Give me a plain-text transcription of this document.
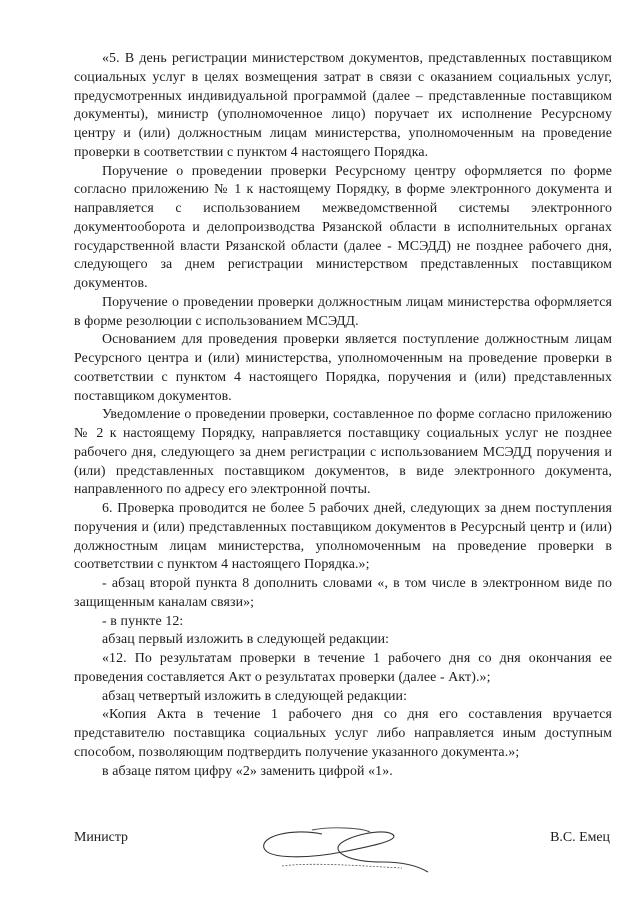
«5. В день регистрации министерством документов, представленных поставщиком социальных услуг в целях возмещения затрат в связи с оказанием социальных услуг, предусмотренных индивидуальной программой (далее – представленные поставщиком документы), министр (уполномоченное лицо) поручает их исполнение Ресурсному центру и (или) должностным лицам министерства, уполномоченным на проведение проверки в соответствии с пунктом 4 настоящего Порядка.

Поручение о проведении проверки Ресурсному центру оформляется по форме согласно приложению № 1 к настоящему Порядку, в форме электронного документа и направляется с использованием межведомственной системы электронного документооборота и делопроизводства Рязанской области в исполнительных органах государственной власти Рязанской области (далее - МСЭДД) не позднее рабочего дня, следующего за днем регистрации министерством представленных поставщиком документов.

Поручение о проведении проверки должностным лицам министерства оформляется в форме резолюции с использованием МСЭДД.

Основанием для проведения проверки является поступление должностным лицам Ресурсного центра и (или) министерства, уполномоченным на проведение проверки в соответствии с пунктом 4 настоящего Порядка, поручения и (или) представленных поставщиком документов.

Уведомление о проведении проверки, составленное по форме согласно приложению № 2 к настоящему Порядку, направляется поставщику социальных услуг не позднее рабочего дня, следующего за днем регистрации с использованием МСЭДД поручения и (или) представленных поставщиком документов, в виде электронного документа, направленного по адресу его электронной почты.

6. Проверка проводится не более 5 рабочих дней, следующих за днем поступления поручения и (или) представленных поставщиком документов в Ресурсный центр и (или) должностным лицам министерства, уполномоченным на проведение проверки в соответствии с пунктом 4 настоящего Порядка.»;

- абзац второй пункта 8 дополнить словами «, в том числе в электронном виде по защищенным каналам связи»;

- в пункте 12:

абзац первый изложить в следующей редакции:

«12. По результатам проверки в течение 1 рабочего дня со дня окончания ее проведения составляется Акт о результатах проверки (далее - Акт).»;

абзац четвертый изложить в следующей редакции:

«Копия Акта в течение 1 рабочего дня со дня его составления вручается представителю поставщика социальных услуг либо направляется иным доступным способом, позволяющим подтвердить получение указанного документа.»;

в абзаце пятом цифру «2» заменить цифрой «1».

Министр	В.С. Емец
